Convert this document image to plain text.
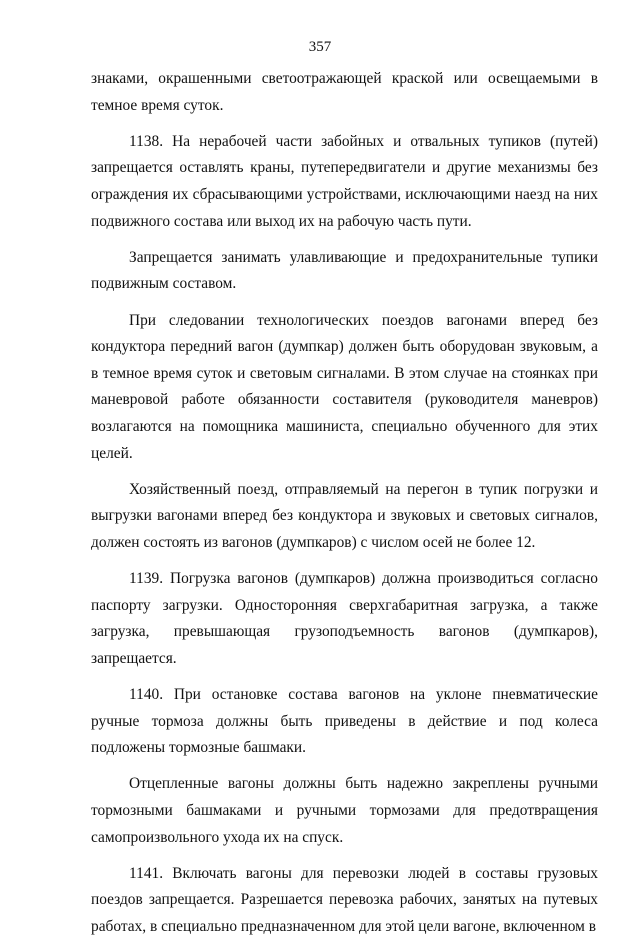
357

знаками, окрашенными светоотражающей краской или освещаемыми в темное время суток.

1138. На нерабочей части забойных и отвальных тупиков (путей) запрещается оставлять краны, путепередвигатели и другие механизмы без ограждения их сбрасывающими устройствами, исключающими наезд на них подвижного состава или выход их на рабочую часть пути.

Запрещается занимать улавливающие и предохранительные тупики подвижным составом.

При следовании технологических поездов вагонами вперед без кондуктора передний вагон (думпкар) должен быть оборудован звуковым, а в темное время суток и световым сигналами. В этом случае на стоянках при маневровой работе обязанности составителя (руководителя маневров) возлагаются на помощника машиниста, специально обученного для этих целей.

Хозяйственный поезд, отправляемый на перегон в тупик погрузки и выгрузки вагонами вперед без кондуктора и звуковых и световых сигналов, должен состоять из вагонов (думпкаров) с числом осей не более 12.

1139. Погрузка вагонов (думпкаров) должна производиться согласно паспорту загрузки. Односторонняя сверхгабаритная загрузка, а также загрузка, превышающая грузоподъемность вагонов (думпкаров), запрещается.

1140. При остановке состава вагонов на уклоне пневматические ручные тормоза должны быть приведены в действие и под колеса подложены тормозные башмаки.

Отцепленные вагоны должны быть надежно закреплены ручными тормозными башмаками и ручными тормозами для предотвращения самопроизвольного ухода их на спуск.

1141. Включать вагоны для перевозки людей в составы грузовых поездов запрещается. Разрешается перевозка рабочих, занятых на путевых работах, в специально предназначенном для этой цели вагоне, включенном в
